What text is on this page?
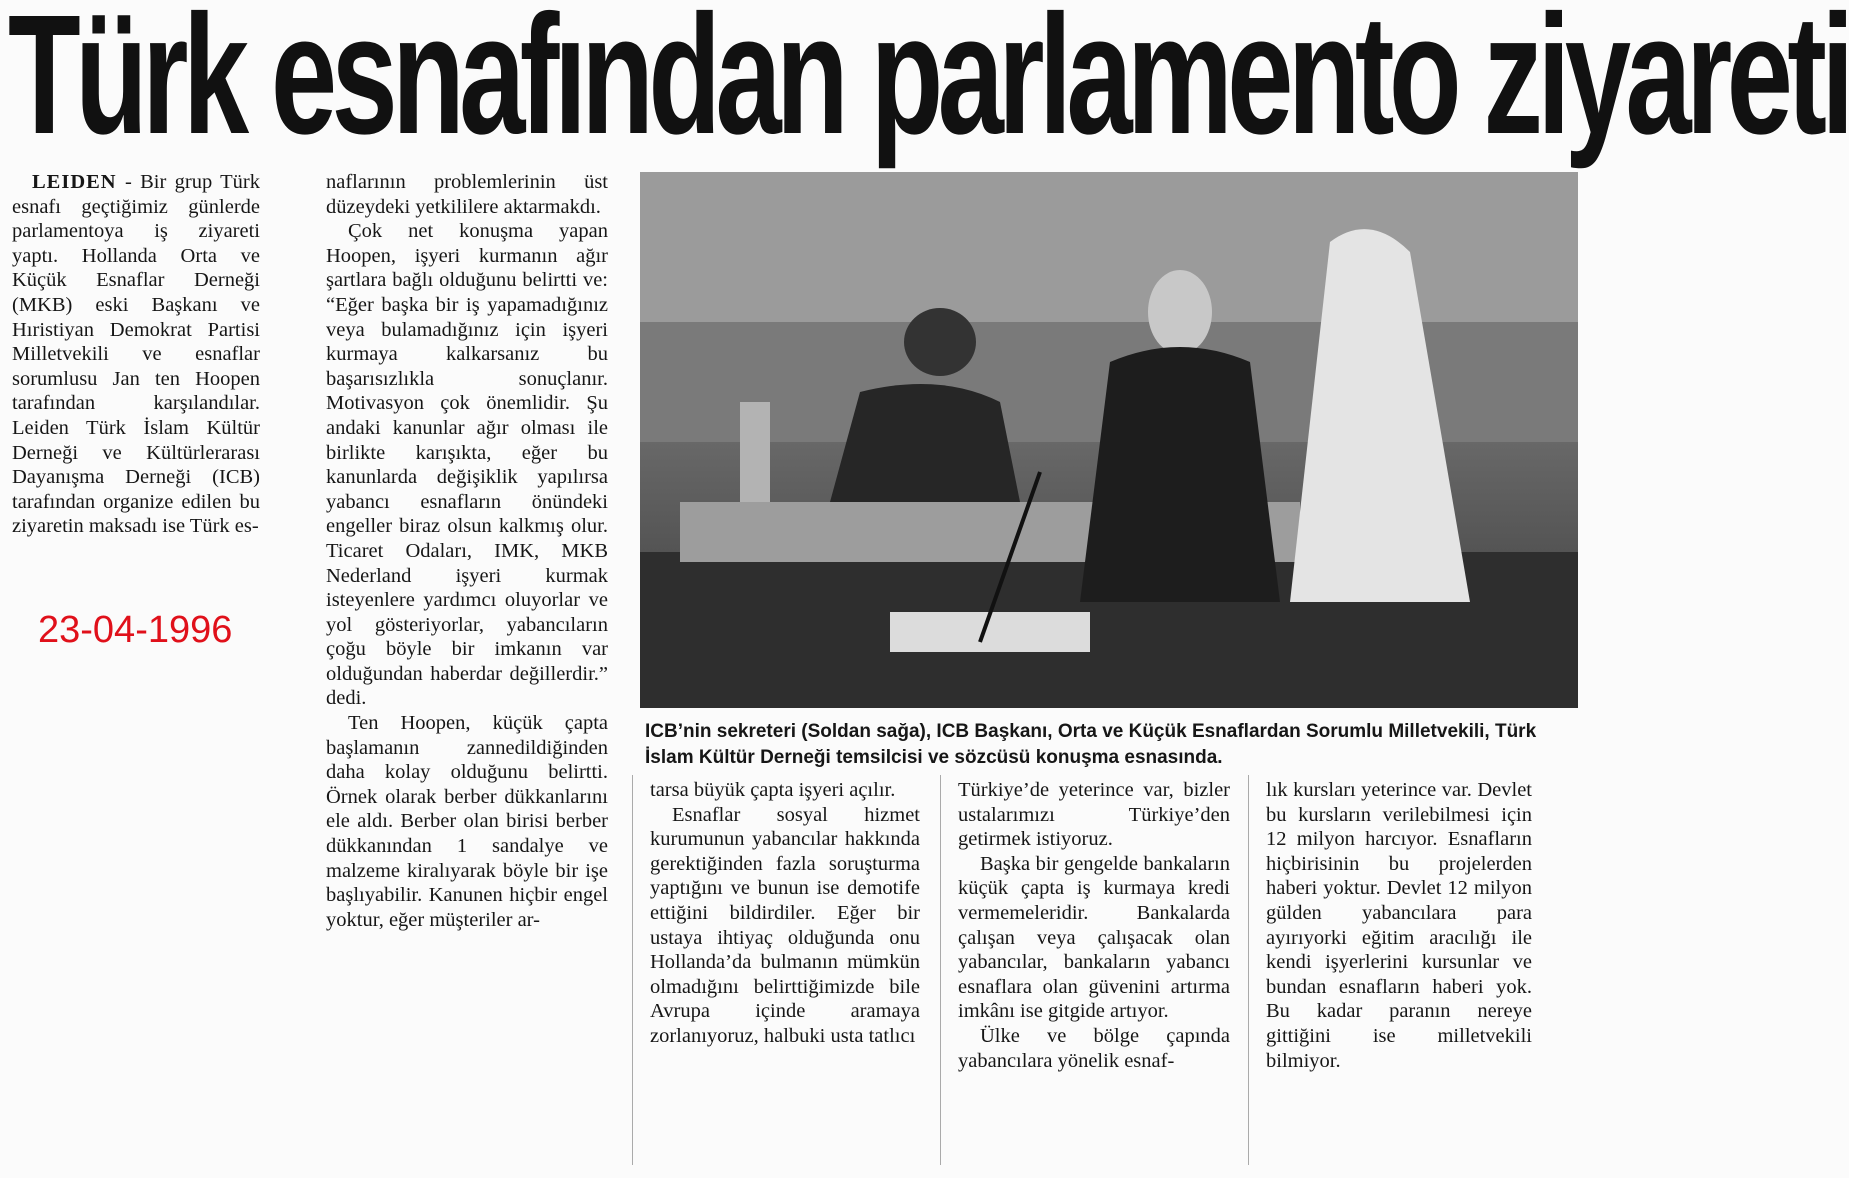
Türk esnafından parlamento ziyareti

LEIDEN - Bir grup Türk esnafı geçtiğimiz günlerde parlamentoya iş ziyareti yaptı. Hollanda Orta ve Küçük Esnaflar Derneği (MKB) eski Başkanı ve Hıristiyan Demokrat Partisi Milletvekili ve esnaflar sorumlusu Jan ten Hoopen tarafından karşılandılar. Leiden Türk İslam Kültür Derneği ve Kültürlerarası Dayanışma Derneği (ICB) tarafından organize edilen bu ziyaretin maksadı ise Türk es-

23-04-1996

naflarının problemlerinin üst düzeydeki yetkililere aktarmakdı.

Çok net konuşma yapan Hoopen, işyeri kurmanın ağır şartlara bağlı olduğunu belirtti ve: “Eğer başka bir iş yapamadığınız veya bulamadığınız için işyeri kurmaya kalkarsanız bu başarısızlıkla sonuçlanır. Motivasyon çok önemlidir. Şu andaki kanunlar ağır olması ile birlikte karışıkta, eğer bu kanunlarda değişiklik yapılırsa yabancı esnafların önündeki engeller biraz olsun kalkmış olur. Ticaret Odaları, IMK, MKB Nederland işyeri kurmak isteyenlere yardımcı oluyorlar ve yol gösteriyorlar, yabancıların çoğu böyle bir imkanın var olduğundan haberdar değillerdir.” dedi.

Ten Hoopen, küçük çapta başlamanın zannedildiğinden daha kolay olduğunu belirtti. Örnek olarak berber dükkanlarını ele aldı. Berber olan birisi berber dükkanından 1 sandalye ve malzeme kiralıyarak böyle bir işe başlıyabilir. Kanunen hiçbir engel yoktur, eğer müşteriler ar-

ICB’nin sekreteri (Soldan sağa), ICB Başkanı, Orta ve Küçük Esnaflardan Sorumlu Milletvekili, Türk İslam Kültür Derneği temsilcisi ve sözcüsü konuşma esnasında.

tarsa büyük çapta işyeri açılır.

Esnaflar sosyal hizmet kurumunun yabancılar hakkında gerektiğinden fazla soruşturma yaptığını ve bunun ise demotife ettiğini bildirdiler. Eğer bir ustaya ihtiyaç olduğunda onu Hollanda’da bulmanın mümkün olmadığını belirttiğimizde bile Avrupa içinde aramaya zorlanıyoruz, halbuki usta tatlıcı

Türkiye’de yeterince var, bizler ustalarımızı Türkiye’den getirmek istiyoruz.

Başka bir gengelde bankaların küçük çapta iş kurmaya kredi vermemeleridir. Bankalarda çalışan veya çalışacak olan yabancılar, bankaların yabancı esnaflara olan güvenini artırma imkânı ise gitgide artıyor.

Ülke ve bölge çapında yabancılara yönelik esnaf-

lık kursları yeterince var. Devlet bu kursların verilebilmesi için 12 milyon harcıyor. Esnafların hiçbirisinin bu projelerden haberi yoktur. Devlet 12 milyon gülden yabancılara para ayırıyorki eğitim aracılığı ile kendi işyerlerini kursunlar ve bundan esnafların haberi yok. Bu kadar paranın nereye gittiğini ise milletvekili bilmiyor.
